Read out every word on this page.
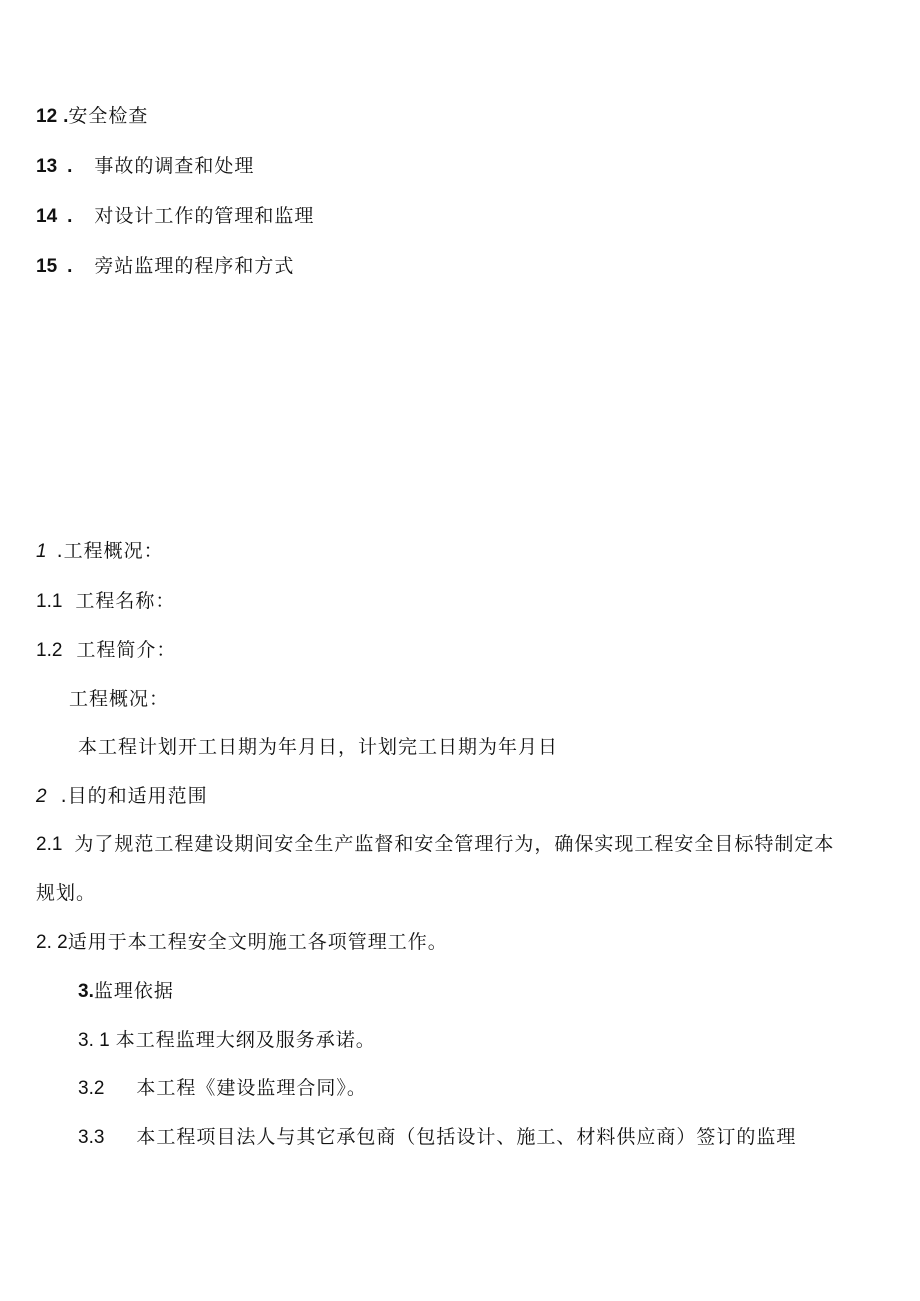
12 .安全检查
13 . 事故的调查和处理
14 . 对设计工作的管理和监理
15 . 旁站监理的程序和方式
1 .工程概况：
1.1 工程名称：
1.2 工程简介：
工程概况：
本工程计划开工日期为年月日，计划完工日期为年月日
2 .目的和适用范围
2.1 为了规范工程建设期间安全生产监督和安全管理行为，确保实现工程安全目标特制定本
规划。
2. 2适用于本工程安全文明施工各项管理工作。
3.监理依据
3. 1 本工程监理大纲及服务承诺。
3.2 本工程《建设监理合同》。
3.3 本工程项目法人与其它承包商（包括设计、施工、材料供应商）签订的监理
